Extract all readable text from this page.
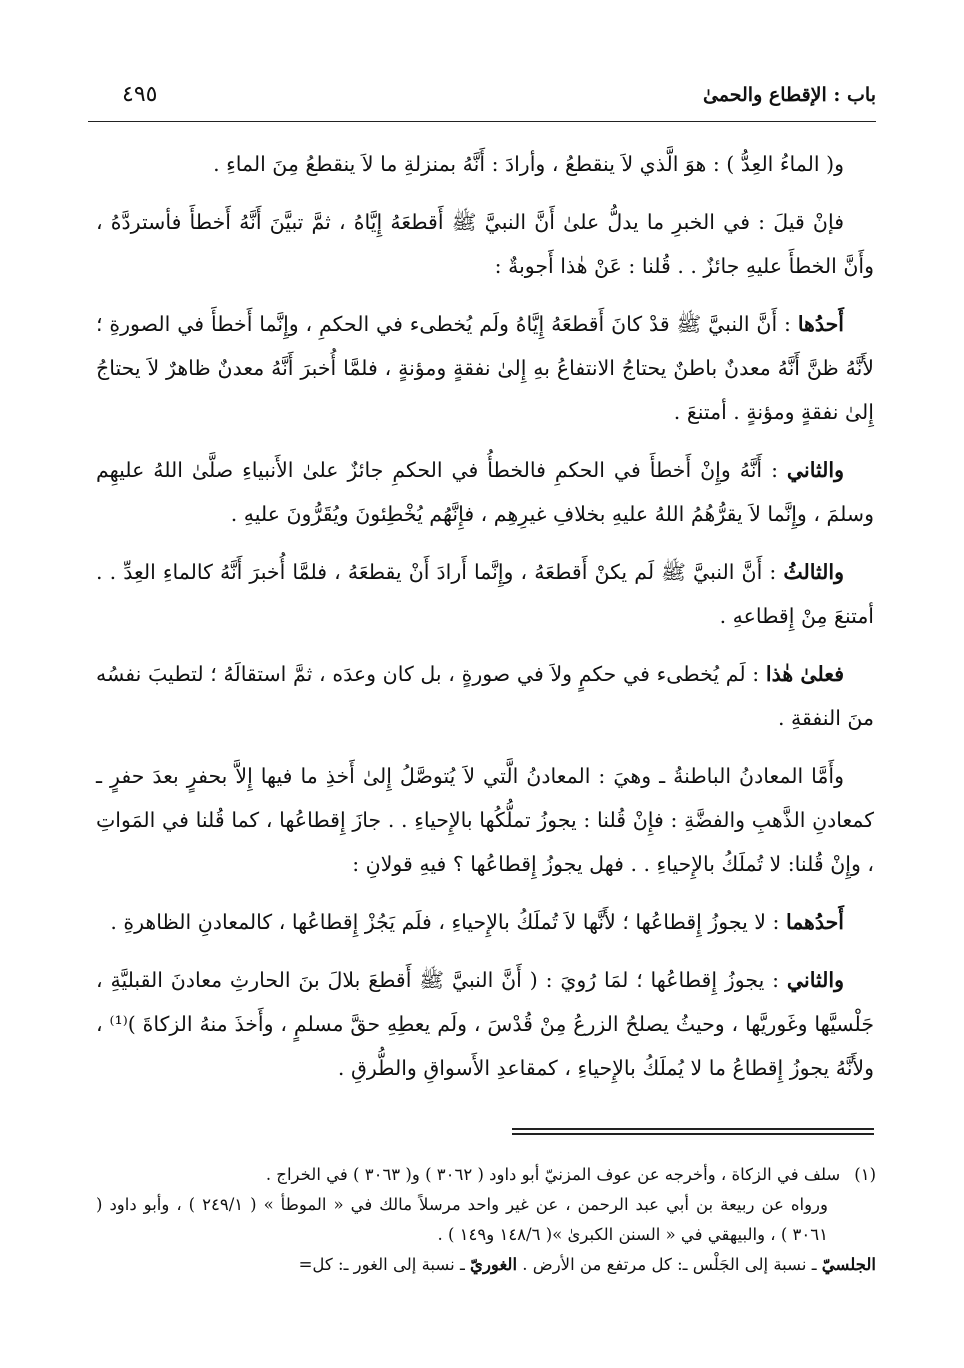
باب : الإقطاع والحمىٰ
٤٩٥

و( الماءُ العِدُّ ) : هوَ الَّذي لاَ ينقطعُ ، وأرادَ : أَنَّهُ بمنزلةِ ما لاَ ينقطعُ مِنَ الماءِ .

فإنْ قيلَ : في الخبرِ ما يدلُّ علىٰ أَنَّ النبيَّ ﷺ أَقطعَهُ إِيَّاهُ ، ثمَّ تبيَّنَ أَنَّهُ أَخطأَ فأستردَّهُ ، وأَنَّ الخطأَ عليهِ جائزٌ . . قُلنا : عَنْ هٰذا أَجوبةٌ :

أَحدُها : أَنَّ النبيَّ ﷺ قدْ كانَ أَقطعَهُ إِيَّاهُ ولَم يُخطىء في الحكمِ ، وإِنَّما أَخطأَ في الصورةِ ؛ لأَنَّهُ ظنَّ أَنَّهُ معدنٌ باطنٌ يحتاجُ الانتفاعُ بهِ إِلىٰ نفقةٍ ومؤنةٍ ، فلمَّا أُخبرَ أَنَّهُ معدنٌ ظاهرٌ لاَ يحتاجُ إِلىٰ نفقةٍ ومؤنةٍ . أمتنعَ .

والثاني : أَنَّهُ وإِنْ أَخطأَ في الحكمِ فالخطأُ في الحكمِ جائزٌ علىٰ الأَنبياءِ صلَّىٰ اللهُ عليهِم وسلمَ ، وإِنَّما لاَ يقرُّهُمُ اللهُ عليهِ بخلافِ غيرِهِم ، فإِنَّهُم يُخْطِئونَ ويُقَرُّونَ عليهِ .

والثالثُ : أَنَّ النبيَّ ﷺ لَم يكنْ أَقطعَهُ ، وإِنَّما أَرادَ أَنْ يقطعَهُ ، فلمَّا أُخبرَ أَنَّهُ كالماءِ العِدِّ . . أمتنعَ مِنْ إِقطاعهِ .

فعلىٰ هٰذا : لَم يُخطىء في حكمٍ ولاَ في صورةٍ ، بل كان وعدَه ، ثمَّ استقالَهُ ؛ لتطيبَ نفسُه منَ النفقةِ .

وأَمَّا المعادنُ الباطنةُ ـ وهيَ : المعادنُ الَّتي لاَ يُتوصَّلُ إِلىٰ أَخذِ ما فيها إِلاَّ بحفرٍ بعدَ حفرٍ ـ كمعادنِ الذَّهبِ والفضَّةِ : فإِنْ قُلنا : يجوزُ تملُّكُها بالإِحياءِ . . جازَ إِقطاعُها ، كما قُلنا في المَواتِ ، وإِنْ قُلنا: لا تُملَكُ بالإِحياءِ . . فهل يجوزُ إِقطاعُها ؟ فيهِ قولانِ :

أَحدُهما : لا يجوزُ إِقطاعُها ؛ لأَنَّها لاَ تُملَكُ بالإِحياءِ ، فلَم يَجُزْ إِقطاعُها ، كالمعادنِ الظاهرةِ .

والثاني : يجوزُ إِقطاعُها ؛ لمَا رُويَ : ( أَنَّ النبيَّ ﷺ أَقطعَ بلالَ بنَ الحارثِ معادنَ القبليَّةِ ، جَلْسيَّها وغَوريَّها ، وحيثُ يصلحُ الزرعُ مِنْ قُدْسَ ، ولَم يعطِهِ حقَّ مسلمٍ ، وأَخذَ منهُ الزكاةَ )⁽¹⁾ ، ولأَنَّهُ يجوزُ إِقطاعُ ما لا يُملَكُ بالإِحياءِ ، كمقاعدِ الأَسواقِ والطُّرقِ .

(١)سلف في الزكاة ، وأخرجه عن عوف المزنيّ أبو داود ( ٣٠٦٢ ) و( ٣٠٦٣ ) في الخراج .

ورواه عن ربيعة بن أبي عبد الرحمن ، عن غير واحد مرسلاً مالك في « الموطأ » ( ٢٤٩/١ ) ، وأبو داود ( ٣٠٦١ ) ، والبيهقي في « السنن الكبرىٰ »( ١٤٨/٦ و١٤٩ ) .

الجلسيّ ـ نسبة إلى الجَلْس ـ: كل مرتفع من الأرض . الغوريّ ـ نسبة إلى الغور ـ: كل=
